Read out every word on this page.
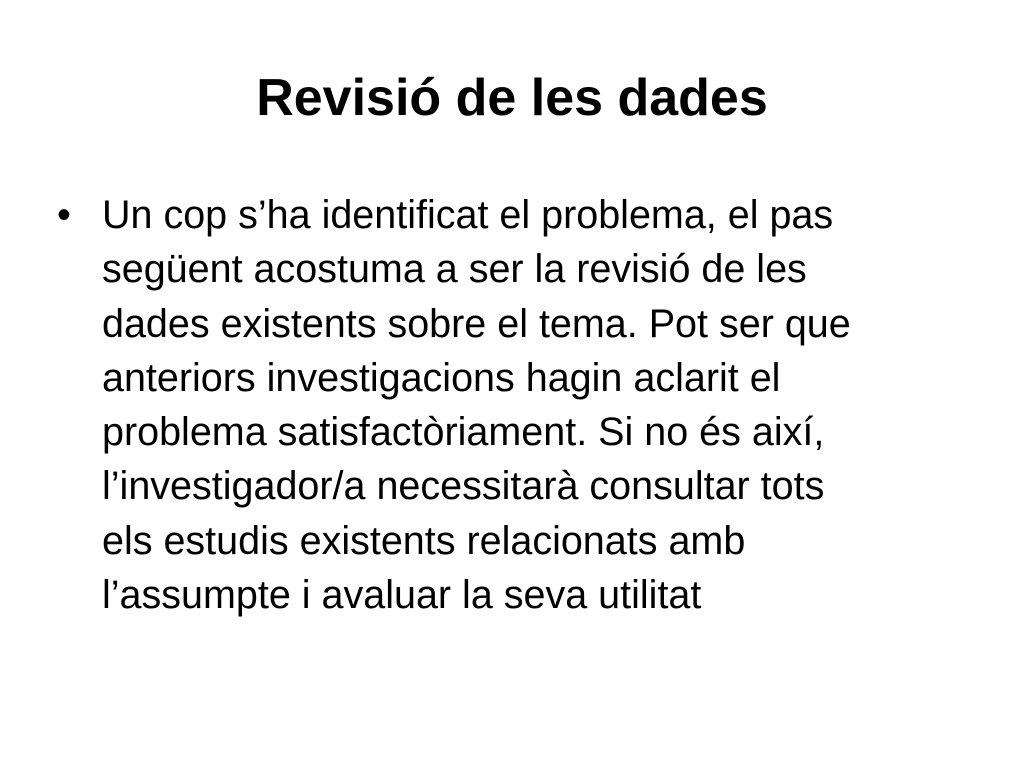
Revisió de les dades
• Un cop s’ha identificat el problema, el pas
següent acostuma a ser la revisió de les
dades existents sobre el tema. Pot ser que
anteriors investigacions hagin aclarit el
problema satisfactòriament. Si no és així,
l’investigador/a necessitarà consultar tots
els estudis existents relacionats amb
l’assumpte i avaluar la seva utilitat
